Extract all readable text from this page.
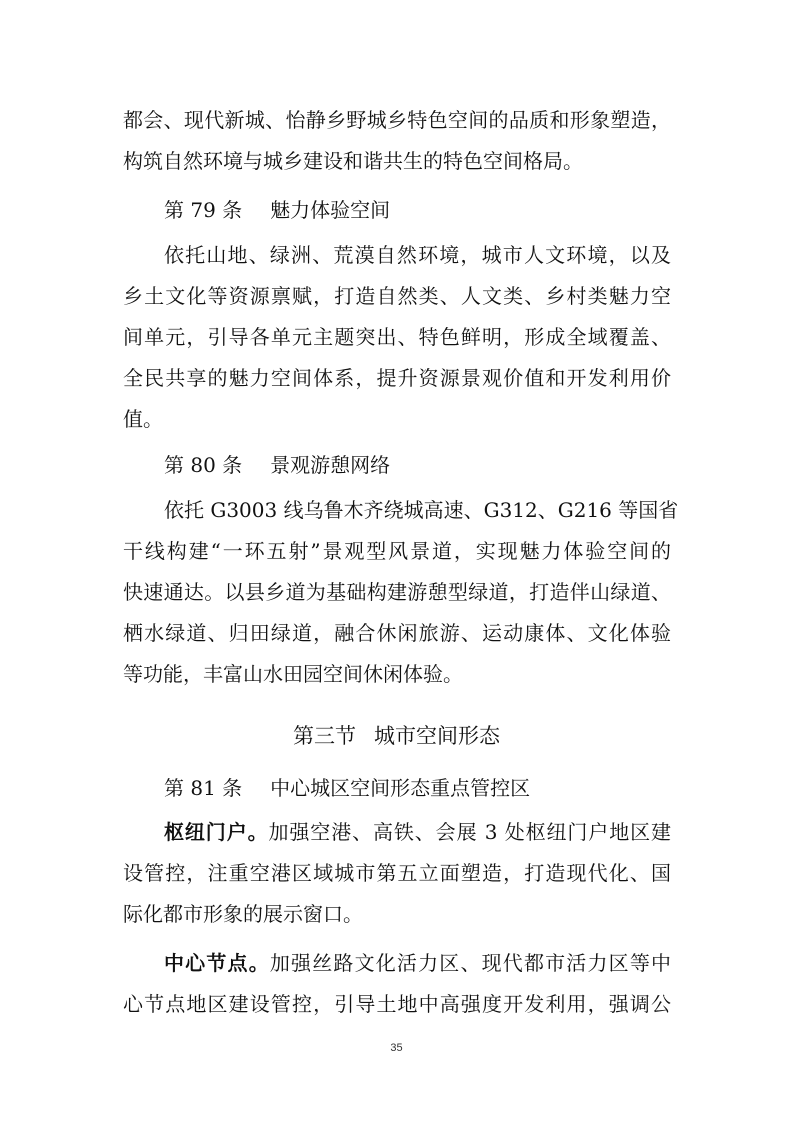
都会、现代新城、怡静乡野城乡特色空间的品质和形象塑造，
构筑自然环境与城乡建设和谐共生的特色空间格局。
第 79 条 魅力体验空间
依托山地、绿洲、荒漠自然环境，城市人文环境，以及
乡土文化等资源禀赋，打造自然类、人文类、乡村类魅力空
间单元，引导各单元主题突出、特色鲜明，形成全域覆盖、
全民共享的魅力空间体系，提升资源景观价值和开发利用价
值。
第 80 条 景观游憩网络
依托 G3003 线乌鲁木齐绕城高速、G312、G216 等国省
干线构建“一环五射”景观型风景道，实现魅力体验空间的
快速通达。以县乡道为基础构建游憩型绿道，打造伴山绿道、
栖水绿道、归田绿道，融合休闲旅游、运动康体、文化体验
等功能，丰富山水田园空间休闲体验。
第三节 城市空间形态
第 81 条 中心城区空间形态重点管控区
枢纽门户。加强空港、高铁、会展 3 处枢纽门户地区建
设管控，注重空港区域城市第五立面塑造，打造现代化、国
际化都市形象的展示窗口。
中心节点。加强丝路文化活力区、现代都市活力区等中
心节点地区建设管控，引导土地中高强度开发利用，强调公
35
